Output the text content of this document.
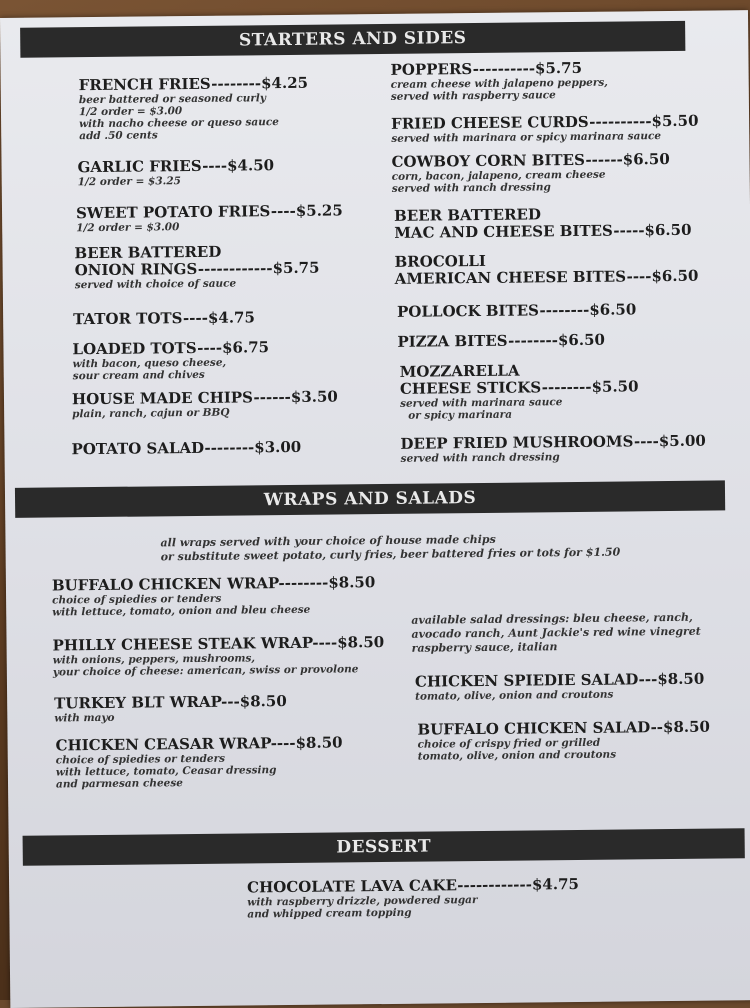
STARTERS AND SIDES
FRENCH FRIES--------$4.25
beer battered or seasoned curly
1/2 order = $3.00
with nacho cheese or queso sauce
add .50 cents
GARLIC FRIES----$4.50
1/2 order = $3.25
SWEET POTATO FRIES----$5.25
1/2 order = $3.00
BEER BATTERED
ONION RINGS------------$5.75
served with choice of sauce
TATOR TOTS----$4.75
LOADED TOTS----$6.75
with bacon, queso cheese,
sour cream and chives
HOUSE MADE CHIPS------$3.50
plain, ranch, cajun or BBQ
POTATO SALAD--------$3.00
POPPERS----------$5.75
cream cheese with jalapeno peppers,
served with raspberry sauce
FRIED CHEESE CURDS----------$5.50
served with marinara or spicy marinara sauce
COWBOY CORN BITES------$6.50
corn, bacon, jalapeno, cream cheese
served with ranch dressing
BEER BATTERED
MAC AND CHEESE BITES-----$6.50
BROCOLLI
AMERICAN CHEESE BITES----$6.50
POLLOCK BITES--------$6.50
PIZZA BITES--------$6.50
MOZZARELLA
CHEESE STICKS--------$5.50
served with marinara sauce
or spicy marinara
DEEP FRIED MUSHROOMS----$5.00
served with ranch dressing
WRAPS AND SALADS
all wraps served with your choice of house made chips
or substitute sweet potato, curly fries, beer battered fries or tots for $1.50
BUFFALO CHICKEN WRAP--------$8.50
choice of spiedies or tenders
with lettuce, tomato, onion and bleu cheese
PHILLY CHEESE STEAK WRAP----$8.50
with onions, peppers, mushrooms,
your choice of cheese: american, swiss or provolone
TURKEY BLT WRAP---$8.50
with mayo
CHICKEN CEASAR WRAP----$8.50
choice of spiedies or tenders
with lettuce, tomato, Ceasar dressing
and parmesan cheese
available salad dressings: bleu cheese, ranch,
avocado ranch, Aunt Jackie's red wine vinegret
raspberry sauce, italian
CHICKEN SPIEDIE SALAD---$8.50
tomato, olive, onion and croutons
BUFFALO CHICKEN SALAD--$8.50
choice of crispy fried or grilled
tomato, olive, onion and croutons
DESSERT
CHOCOLATE LAVA CAKE------------$4.75
with raspberry drizzle, powdered sugar
and whipped cream topping
